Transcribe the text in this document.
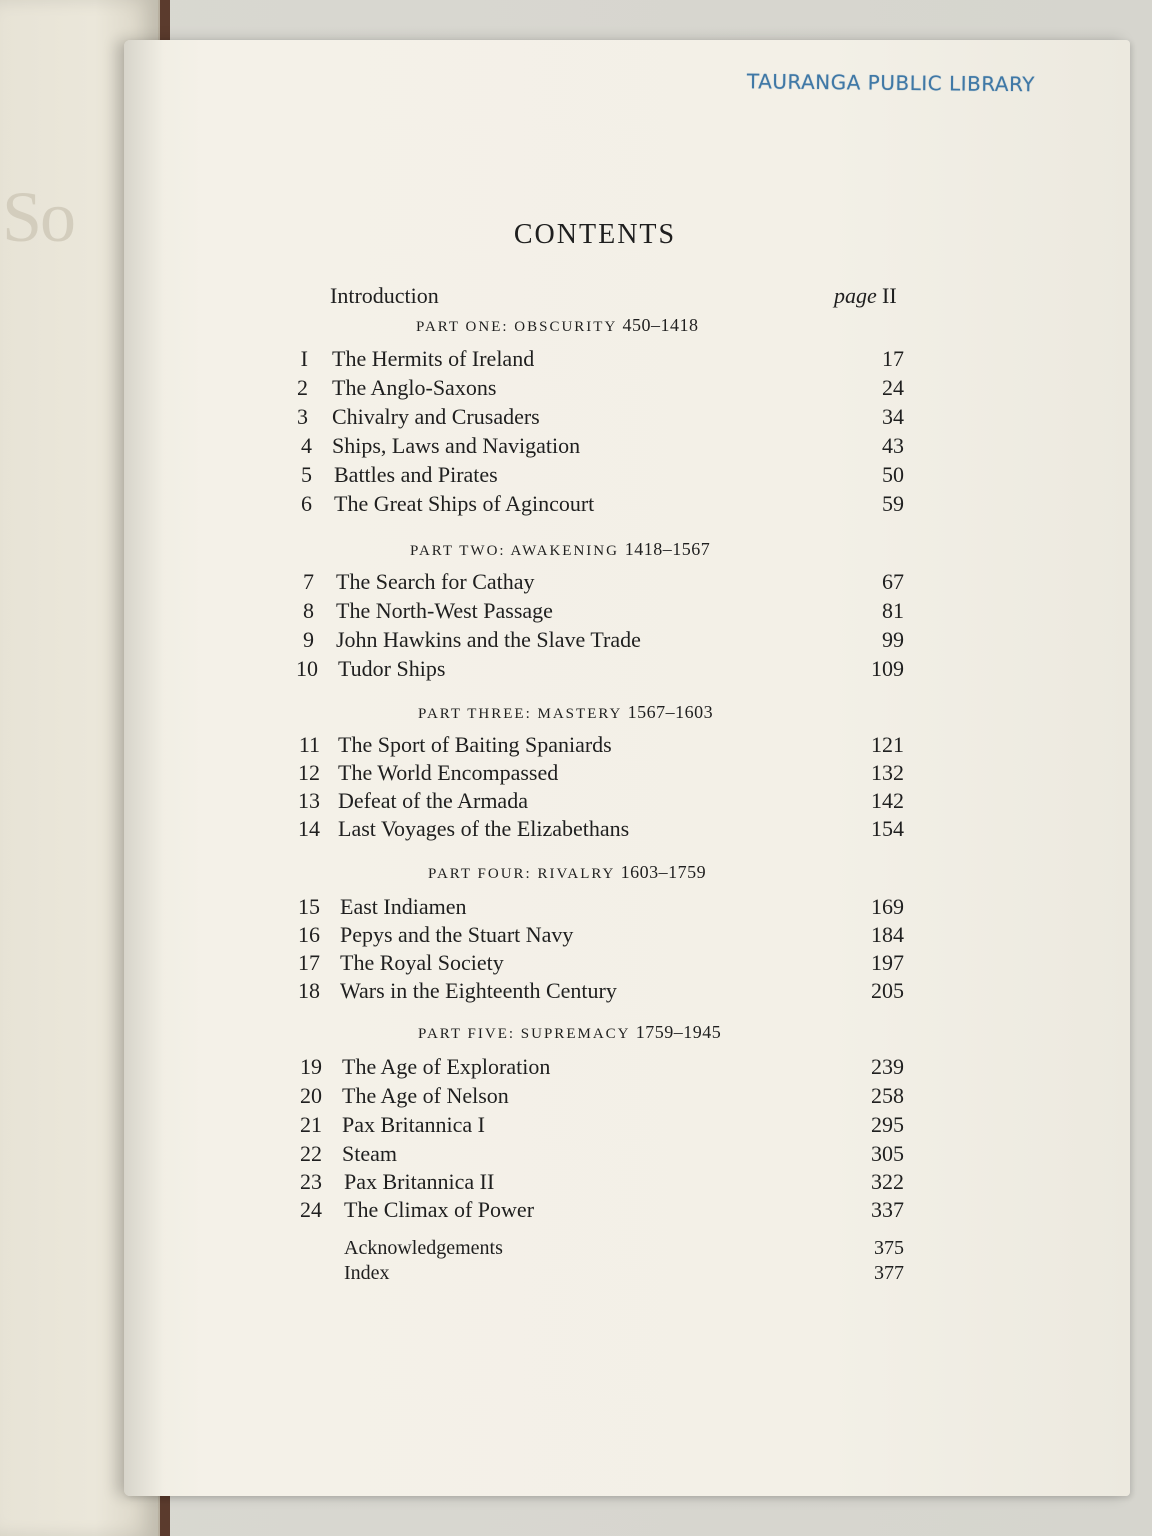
So
TAURANGA PUBLIC LIBRARY
CONTENTS
Introduction	page II
PART ONE: OBSCURITY 450–1418
PART TWO: AWAKENING 1418–1567
PART THREE: MASTERY 1567–1603
PART FOUR: RIVALRY 1603–1759
PART FIVE: SUPREMACY 1759–1945
I The Hermits of Ireland	17
2 The Anglo-Saxons	24
3 Chivalry and Crusaders	34
4 Ships, Laws and Navigation	43
5 Battles and Pirates	50
6 The Great Ships of Agincourt	59
7 The Search for Cathay	67
8 The North-West Passage	81
9 John Hawkins and the Slave Trade	99
10 Tudor Ships	109
11 The Sport of Baiting Spaniards	121
12 The World Encompassed	132
13 Defeat of the Armada	142
14 Last Voyages of the Elizabethans	154
15 East Indiamen	169
16 Pepys and the Stuart Navy	184
17 The Royal Society	197
18 Wars in the Eighteenth Century	205
19 The Age of Exploration	239
20 The Age of Nelson	258
21 Pax Britannica I	295
22 Steam	305
23 Pax Britannica II	322
24 The Climax of Power	337
Acknowledgements	375
Index	377
